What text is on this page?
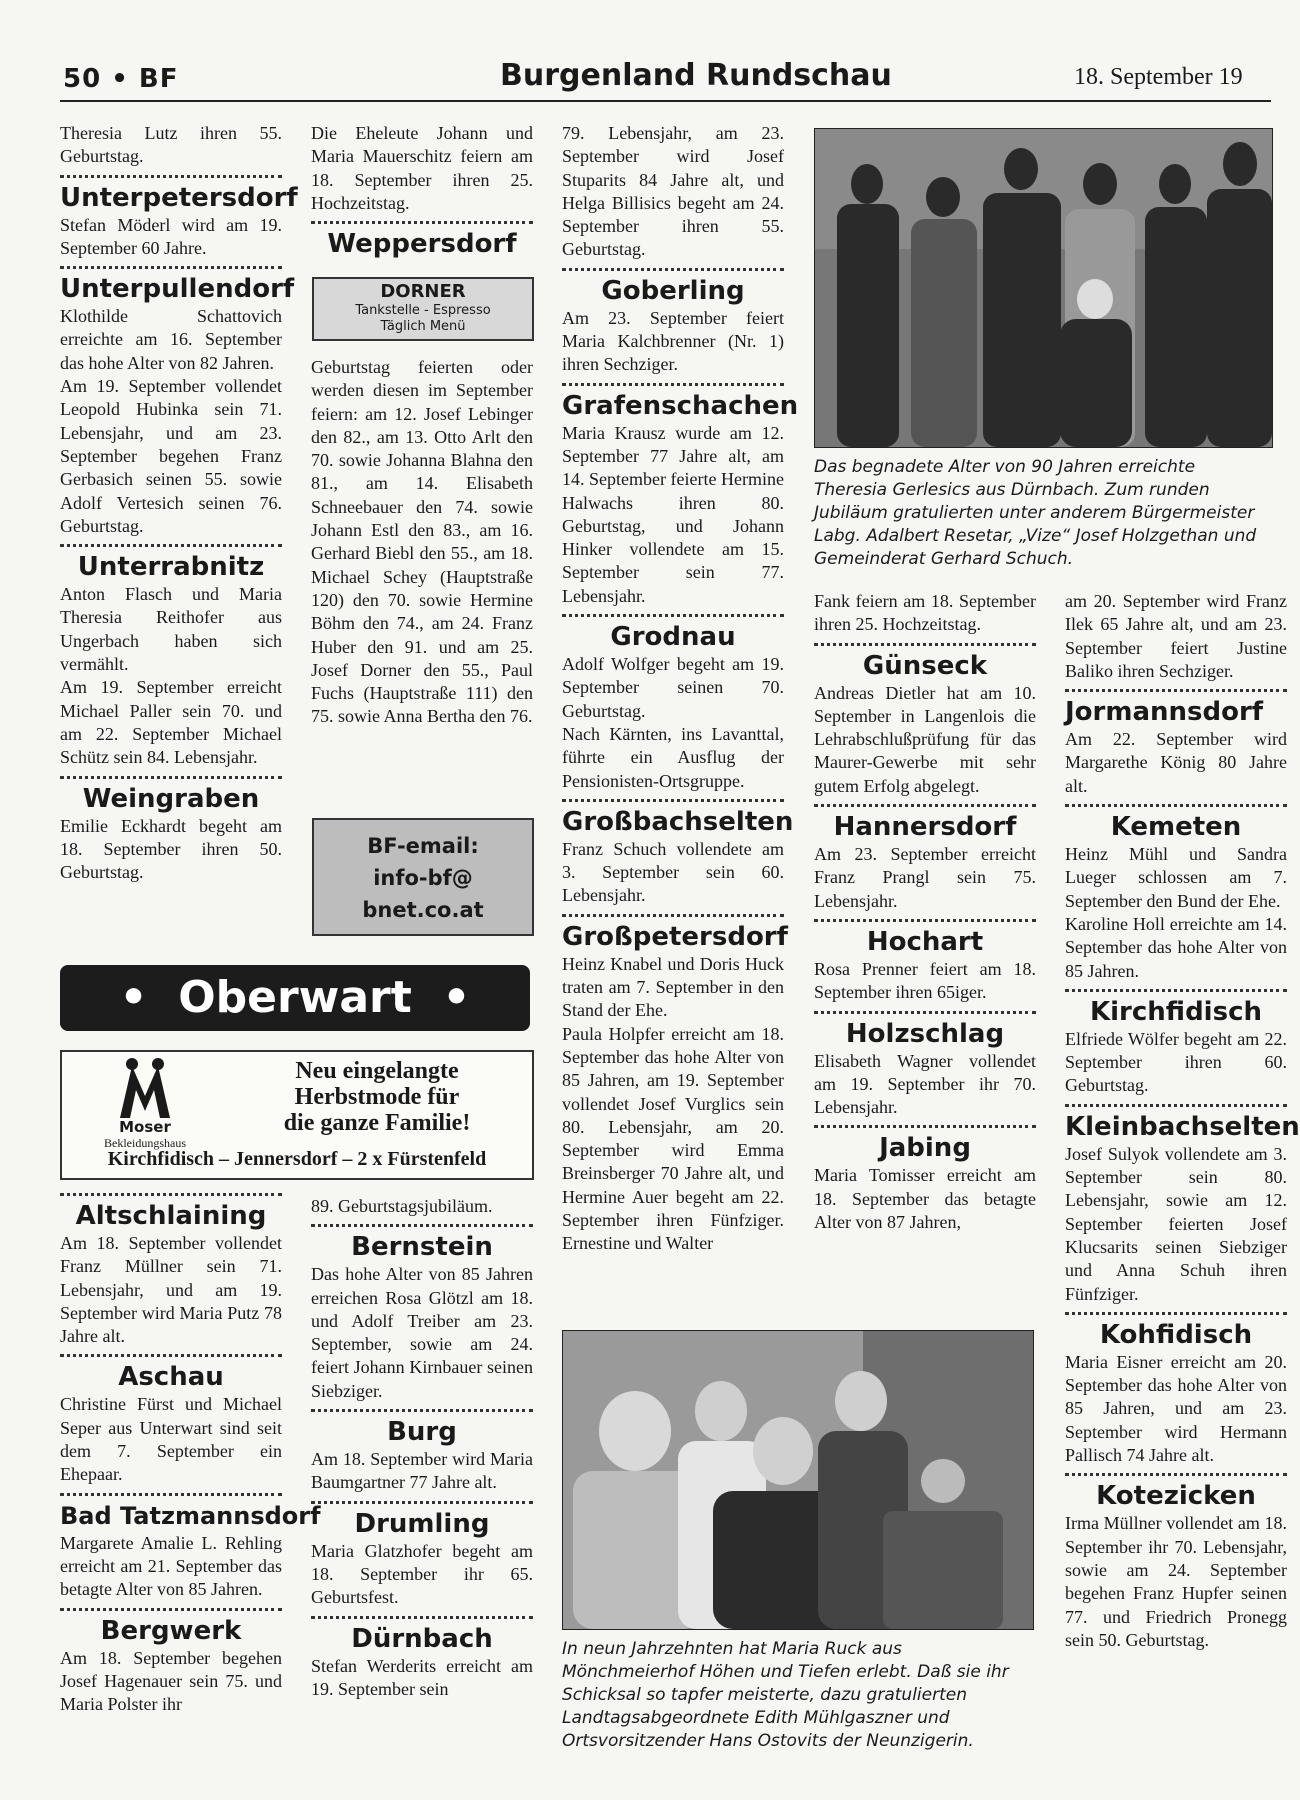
50 • BF	Burgenland Rundschau	18. September 19

Theresia Lutz ihren 55. Geburtstag.

Unterpetersdorf

Stefan Möderl wird am 19. September 60 Jahre.

Unterpullendorf

Klothilde Schattovich erreichte am 16. September das hohe Alter von 82 Jahren.

Am 19. September vollendet Leopold Hubinka sein 71. Lebensjahr, und am 23. September begehen Franz Gerbasich seinen 55. sowie Adolf Vertesich seinen 76. Geburtstag.

Unterrabnitz

Anton Flasch und Maria Theresia Reithofer aus Ungerbach haben sich vermählt.

Am 19. September erreicht Michael Paller sein 70. und am 22. September Michael Schütz sein 84. Lebensjahr.

Weingraben

Emilie Eckhardt begeht am 18. September ihren 50. Geburtstag.

Die Eheleute Johann und Maria Mauerschitz feiern am 18. September ihren 25. Hochzeitstag.

Weppersdorf
DORNER
Tankstelle - Espresso
Täglich Menü

Geburtstag feierten oder werden diesen im September feiern: am 12. Josef Lebinger den 82., am 13. Otto Arlt den 70. sowie Johanna Blahna den 81., am 14. Elisabeth Schneebauer den 74. sowie Johann Estl den 83., am 16. Gerhard Biebl den 55., am 18. Michael Schey (Hauptstraße 120) den 70. sowie Hermine Böhm den 74., am 24. Franz Huber den 91. und am 25. Josef Dorner den 55., Paul Fuchs (Hauptstraße 111) den 75. sowie Anna Bertha den 76.

BF-email:
info-bf@
bnet.co.at

79. Lebensjahr, am 23. September wird Josef Stuparits 84 Jahre alt, und Helga Billisics begeht am 24. September ihren 55. Geburtstag.

Goberling

Am 23. September feiert Maria Kalchbrenner (Nr. 1) ihren Sechziger.

Grafenschachen

Maria Krausz wurde am 12. September 77 Jahre alt, am 14. September feierte Hermine Halwachs ihren 80. Geburtstag, und Johann Hinker vollendete am 15. September sein 77. Lebensjahr.

Grodnau

Adolf Wolfger begeht am 19. September seinen 70. Geburtstag.

Nach Kärnten, ins Lavanttal, führte ein Ausflug der Pensionisten-Ortsgruppe.

Großbachselten

Franz Schuch vollendete am 3. September sein 60. Lebensjahr.

Großpetersdorf

Heinz Knabel und Doris Huck traten am 7. September in den Stand der Ehe.

Paula Holpfer erreicht am 18. September das hohe Alter von 85 Jahren, am 19. September vollendet Josef Vurglics sein 80. Lebensjahr, am 20. September wird Emma Breinsberger 70 Jahre alt, und Hermine Auer begeht am 22. September ihren Fünfziger. Ernestine und Walter

Das begnadete Alter von 90 Jahren erreichte Theresia Gerlesics aus Dürnbach. Zum runden Jubiläum gratulierten unter anderem Bürgermeister Labg. Adalbert Resetar, „Vize“ Josef Holzgethan und Gemeinderat Gerhard Schuch.

Fank feiern am 18. September ihren 25. Hochzeitstag.

Günseck

Andreas Dietler hat am 10. September in Langenlois die Lehrabschlußprüfung für das Maurer-Gewerbe mit sehr gutem Erfolg abgelegt.

Hannersdorf

Am 23. September erreicht Franz Prangl sein 75. Lebensjahr.

Hochart

Rosa Prenner feiert am 18. September ihren 65iger.

Holzschlag

Elisabeth Wagner vollendet am 19. September ihr 70. Lebensjahr.

Jabing

Maria Tomisser erreicht am 18. September das betagte Alter von 87 Jahren,

am 20. September wird Franz Ilek 65 Jahre alt, und am 23. September feiert Justine Baliko ihren Sechziger.

Jormannsdorf

Am 22. September wird Margarethe König 80 Jahre alt.

Kemeten

Heinz Mühl und Sandra Lueger schlossen am 7. September den Bund der Ehe.

Karoline Holl erreichte am 14. September das hohe Alter von 85 Jahren.

Kirchfidisch

Elfriede Wölfer begeht am 22. September ihren 60. Geburtstag.

Kleinbachselten

Josef Sulyok vollendete am 3. September sein 80. Lebensjahr, sowie am 12. September feierten Josef Klucsarits seinen Siebziger und Anna Schuh ihren Fünfziger.

Kohfidisch

Maria Eisner erreicht am 20. September das hohe Alter von 85 Jahren, und am 23. September wird Hermann Pallisch 74 Jahre alt.

Kotezicken

Irma Müllner vollendet am 18. September ihr 70. Lebensjahr, sowie am 24. September begehen Franz Hupfer seinen 77. und Friedrich Pronegg sein 50. Geburtstag.

•  Oberwart  •
Moser
Bekleidungshaus
Neu eingelangte
Herbstmode für
die ganze Familie!
Kirchfidisch – Jennersdorf – 2 x Fürstenfeld
Altschlaining

Am 18. September vollendet Franz Müllner sein 71. Lebensjahr, und am 19. September wird Maria Putz 78 Jahre alt.

Aschau

Christine Fürst und Michael Seper aus Unterwart sind seit dem 7. September ein Ehepaar.

Bad Tatzmannsdorf

Margarete Amalie L. Rehling erreicht am 21. September das betagte Alter von 85 Jahren.

Bergwerk

Am 18. September begehen Josef Hagenauer sein 75. und Maria Polster ihr

89. Geburtstagsjubiläum.

Bernstein

Das hohe Alter von 85 Jahren erreichen Rosa Glötzl am 18. und Adolf Treiber am 23. September, sowie am 24. feiert Johann Kirnbauer seinen Siebziger.

Burg

Am 18. September wird Maria Baumgartner 77 Jahre alt.

Drumling

Maria Glatzhofer begeht am 18. September ihr 65. Geburtsfest.

Dürnbach

Stefan Werderits erreicht am 19. September sein

In neun Jahrzehnten hat Maria Ruck aus Mönchmeierhof Höhen und Tiefen erlebt. Daß sie ihr Schicksal so tapfer meisterte, dazu gratulierten Landtagsabgeordnete Edith Mühlgaszner und Ortsvorsitzender Hans Ostovits der Neunzigerin.
